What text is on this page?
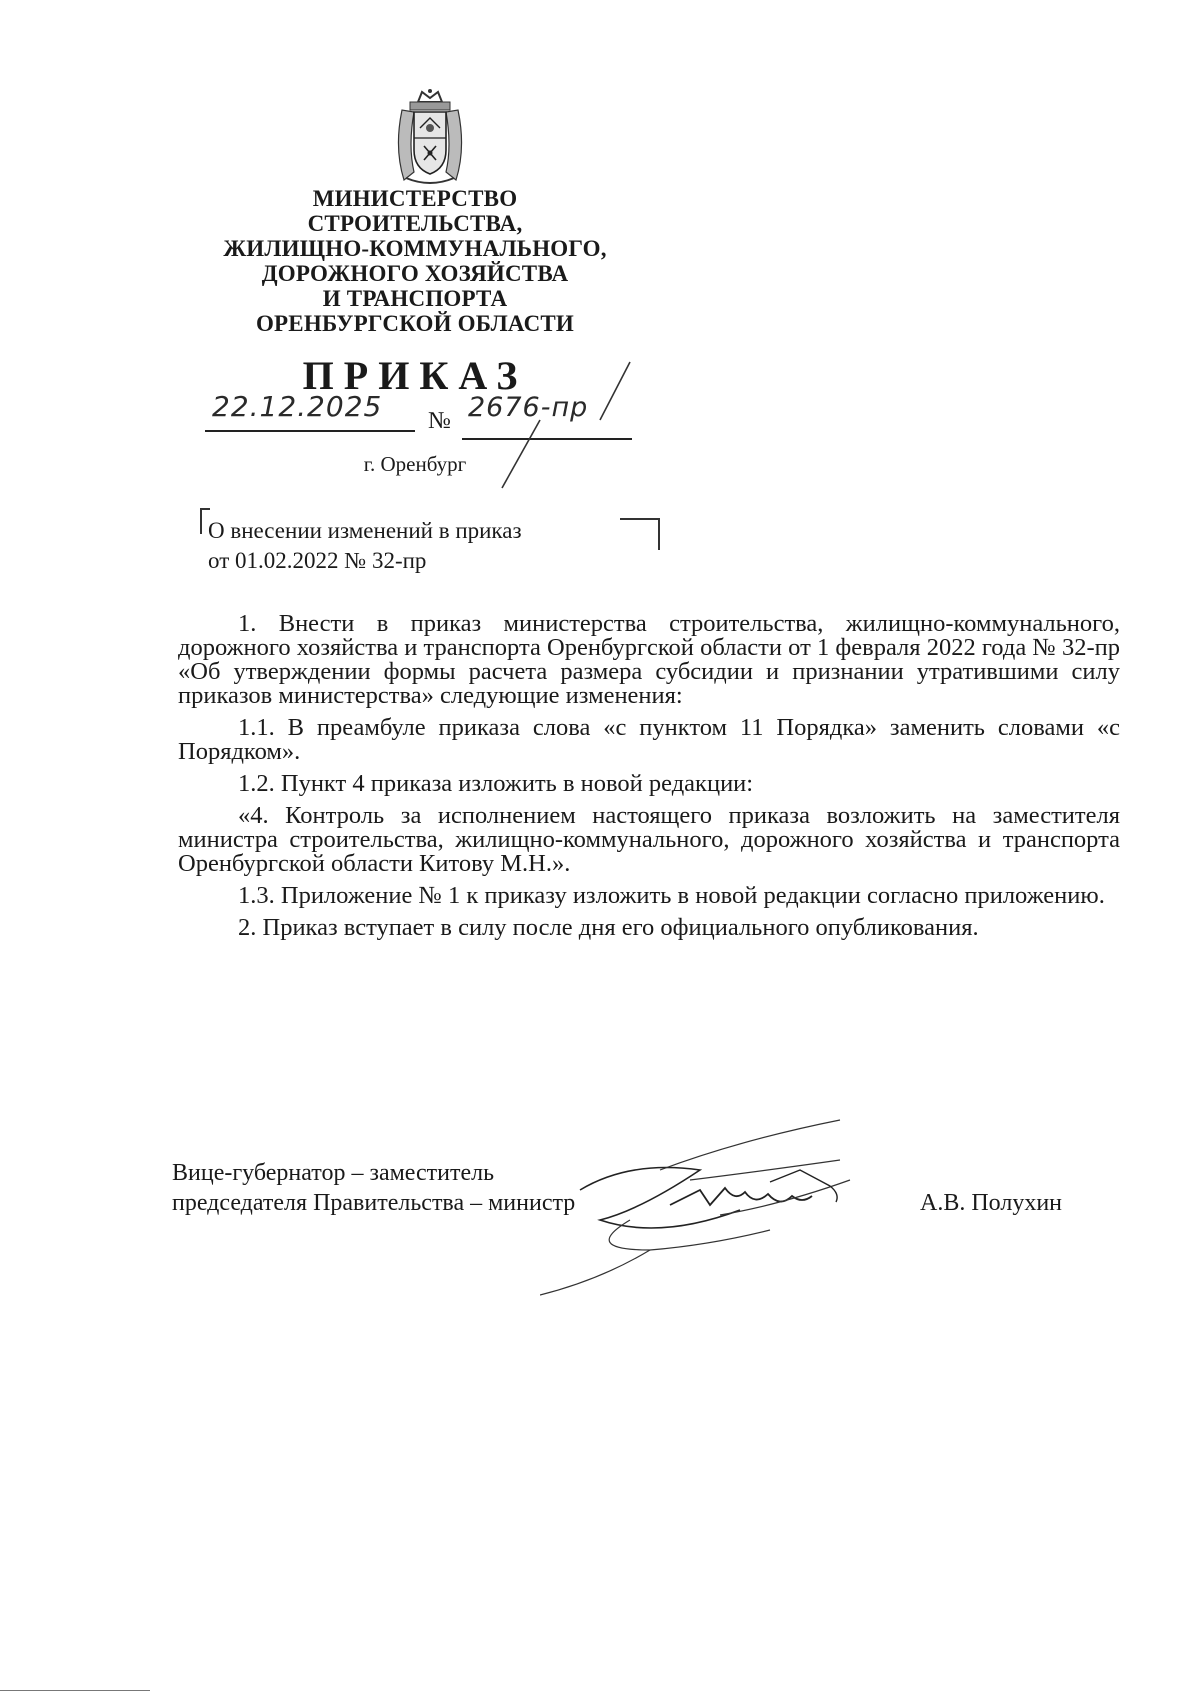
МИНИСТЕРСТВО
СТРОИТЕЛЬСТВА,
ЖИЛИЩНО-КОММУНАЛЬНОГО,
ДОРОЖНОГО ХОЗЯЙСТВА
И ТРАНСПОРТА
ОРЕНБУРГСКОЙ ОБЛАСТИ
ПРИКАЗ
22.12.2025 № 2676-пр
г. Оренбург
О внесении изменений в приказ
от 01.02.2022 № 32-пр

1. Внести в приказ министерства строительства, жилищно-коммунального, дорожного хозяйства и транспорта Оренбургской области от 1 февраля 2022 года № 32-пр «Об утверждении формы расчета размера субсидии и признании утратившими силу приказов министерства» следующие изменения:

1.1. В преамбуле приказа слова «с пунктом 11 Порядка» заменить словами «с Порядком».

1.2. Пункт 4 приказа изложить в новой редакции:

«4. Контроль за исполнением настоящего приказа возложить на заместителя министра строительства, жилищно-коммунального, дорожного хозяйства и транспорта Оренбургской области Китову М.Н.».

1.3. Приложение № 1 к приказу изложить в новой редакции согласно приложению.

2. Приказ вступает в силу после дня его официального опубликования.

Вице-губернатор – заместитель
председателя Правительства – министр	А.В. Полухин
